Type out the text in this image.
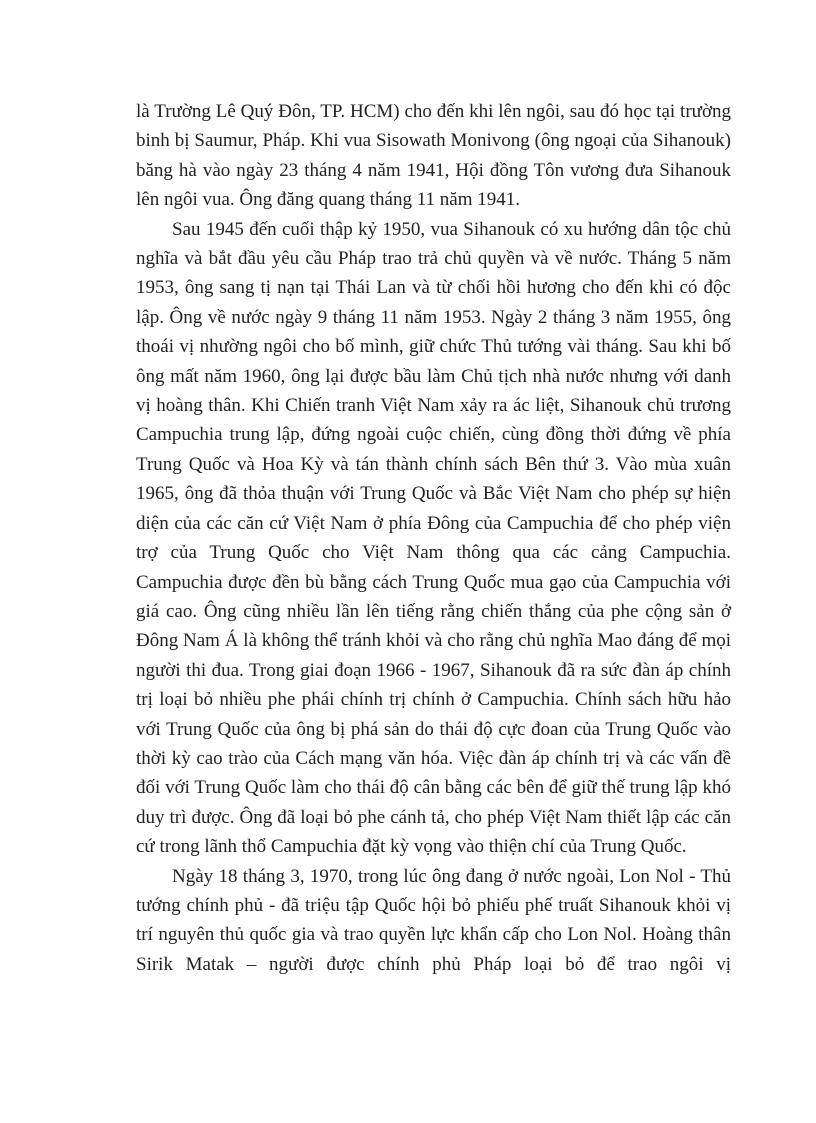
là Trường Lê Quý Đôn, TP. HCM) cho đến khi lên ngôi, sau đó học tại trường binh bị Saumur, Pháp. Khi vua Sisowath Monivong (ông ngoại của Sihanouk) băng hà vào ngày 23 tháng 4 năm 1941, Hội đồng Tôn vương đưa Sihanouk lên ngôi vua. Ông đăng quang tháng 11 năm 1941.

Sau 1945 đến cuối thập kỷ 1950, vua Sihanouk có xu hướng dân tộc chủ nghĩa và bắt đầu yêu cầu Pháp trao trả chủ quyền và về nước. Tháng 5 năm 1953, ông sang tị nạn tại Thái Lan và từ chối hồi hương cho đến khi có độc lập. Ông về nước ngày 9 tháng 11 năm 1953. Ngày 2 tháng 3 năm 1955, ông thoái vị nhường ngôi cho bố mình, giữ chức Thủ tướng vài tháng. Sau khi bố ông mất năm 1960, ông lại được bầu làm Chủ tịch nhà nước nhưng với danh vị hoàng thân. Khi Chiến tranh Việt Nam xảy ra ác liệt, Sihanouk chủ trương Campuchia trung lập, đứng ngoài cuộc chiến, cùng đồng thời đứng về phía Trung Quốc và Hoa Kỳ và tán thành chính sách Bên thứ 3. Vào mùa xuân 1965, ông đã thỏa thuận với Trung Quốc và Bắc Việt Nam cho phép sự hiện diện của các căn cứ Việt Nam ở phía Đông của Campuchia để cho phép viện trợ của Trung Quốc cho Việt Nam thông qua các cảng Campuchia. Campuchia được đền bù bằng cách Trung Quốc mua gạo của Campuchia với giá cao. Ông cũng nhiều lần lên tiếng rằng chiến thắng của phe cộng sản ở Đông Nam Á là không thể tránh khỏi và cho rằng chủ nghĩa Mao đáng để mọi người thi đua. Trong giai đoạn 1966 - 1967, Sihanouk đã ra sức đàn áp chính trị loại bỏ nhiều phe phái chính trị chính ở Campuchia. Chính sách hữu hảo với Trung Quốc của ông bị phá sản do thái độ cực đoan của Trung Quốc vào thời kỳ cao trào của Cách mạng văn hóa. Việc đàn áp chính trị và các vấn đề đối với Trung Quốc làm cho thái độ cân bằng các bên để giữ thế trung lập khó duy trì được. Ông đã loại bỏ phe cánh tả, cho phép Việt Nam thiết lập các căn cứ trong lãnh thổ Campuchia đặt kỳ vọng vào thiện chí của Trung Quốc.

Ngày 18 tháng 3, 1970, trong lúc ông đang ở nước ngoài, Lon Nol - Thủ tướng chính phủ - đã triệu tập Quốc hội bỏ phiếu phế truất Sihanouk khỏi vị trí nguyên thủ quốc gia và trao quyền lực khẩn cấp cho Lon Nol. Hoàng thân Sirik Matak – người được chính phủ Pháp loại bỏ để trao ngôi vị
